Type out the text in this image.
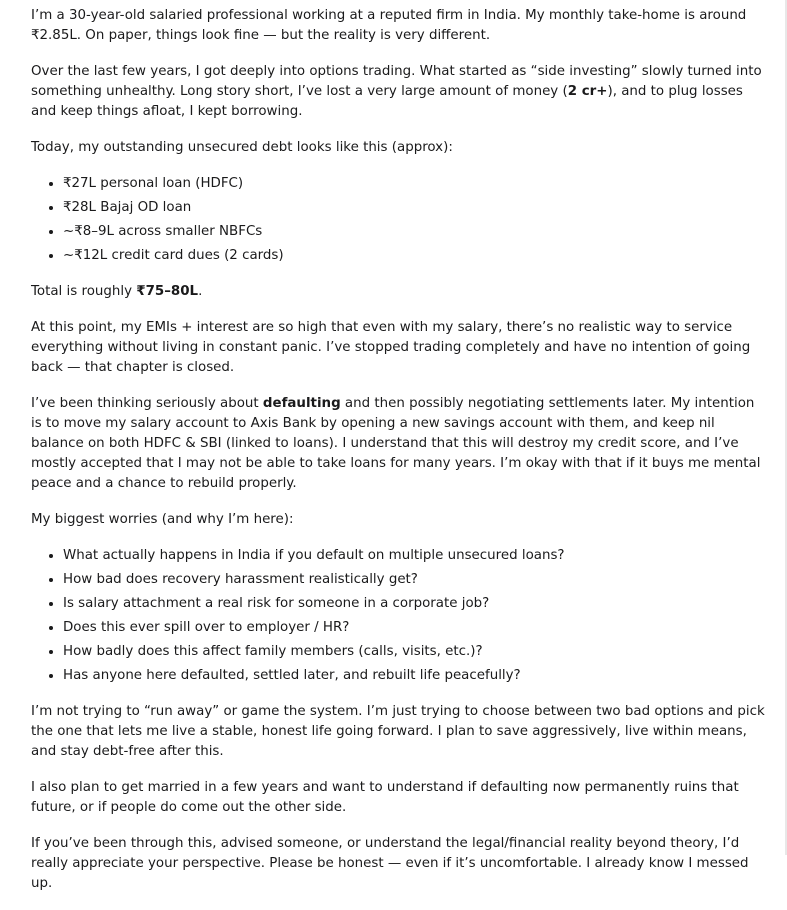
I’m a 30-year-old salaried professional working at a reputed firm in India. My monthly take-home is around ₹2.85L. On paper, things look fine — but the reality is very different.

Over the last few years, I got deeply into options trading. What started as “side investing” slowly turned into something unhealthy. Long story short, I’ve lost a very large amount of money (2 cr+), and to plug losses and keep things afloat, I kept borrowing.

Today, my outstanding unsecured debt looks like this (approx):

• ₹27L personal loan (HDFC)
• ₹28L Bajaj OD loan
• ~₹8–9L across smaller NBFCs
• ~₹12L credit card dues (2 cards)

Total is roughly ₹75–80L.

At this point, my EMIs + interest are so high that even with my salary, there’s no realistic way to service everything without living in constant panic. I’ve stopped trading completely and have no intention of going back — that chapter is closed.

I’ve been thinking seriously about defaulting and then possibly negotiating settlements later. My intention is to move my salary account to Axis Bank by opening a new savings account with them, and keep nil balance on both HDFC & SBI (linked to loans). I understand that this will destroy my credit score, and I’ve mostly accepted that I may not be able to take loans for many years. I’m okay with that if it buys me mental peace and a chance to rebuild properly.

My biggest worries (and why I’m here):

• What actually happens in India if you default on multiple unsecured loans?
• How bad does recovery harassment realistically get?
• Is salary attachment a real risk for someone in a corporate job?
• Does this ever spill over to employer / HR?
• How badly does this affect family members (calls, visits, etc.)?
• Has anyone here defaulted, settled later, and rebuilt life peacefully?

I’m not trying to “run away” or game the system. I’m just trying to choose between two bad options and pick the one that lets me live a stable, honest life going forward. I plan to save aggressively, live within means, and stay debt-free after this.

I also plan to get married in a few years and want to understand if defaulting now permanently ruins that future, or if people do come out the other side.

If you’ve been through this, advised someone, or understand the legal/financial reality beyond theory, I’d really appreciate your perspective. Please be honest — even if it’s uncomfortable. I already know I messed up.
